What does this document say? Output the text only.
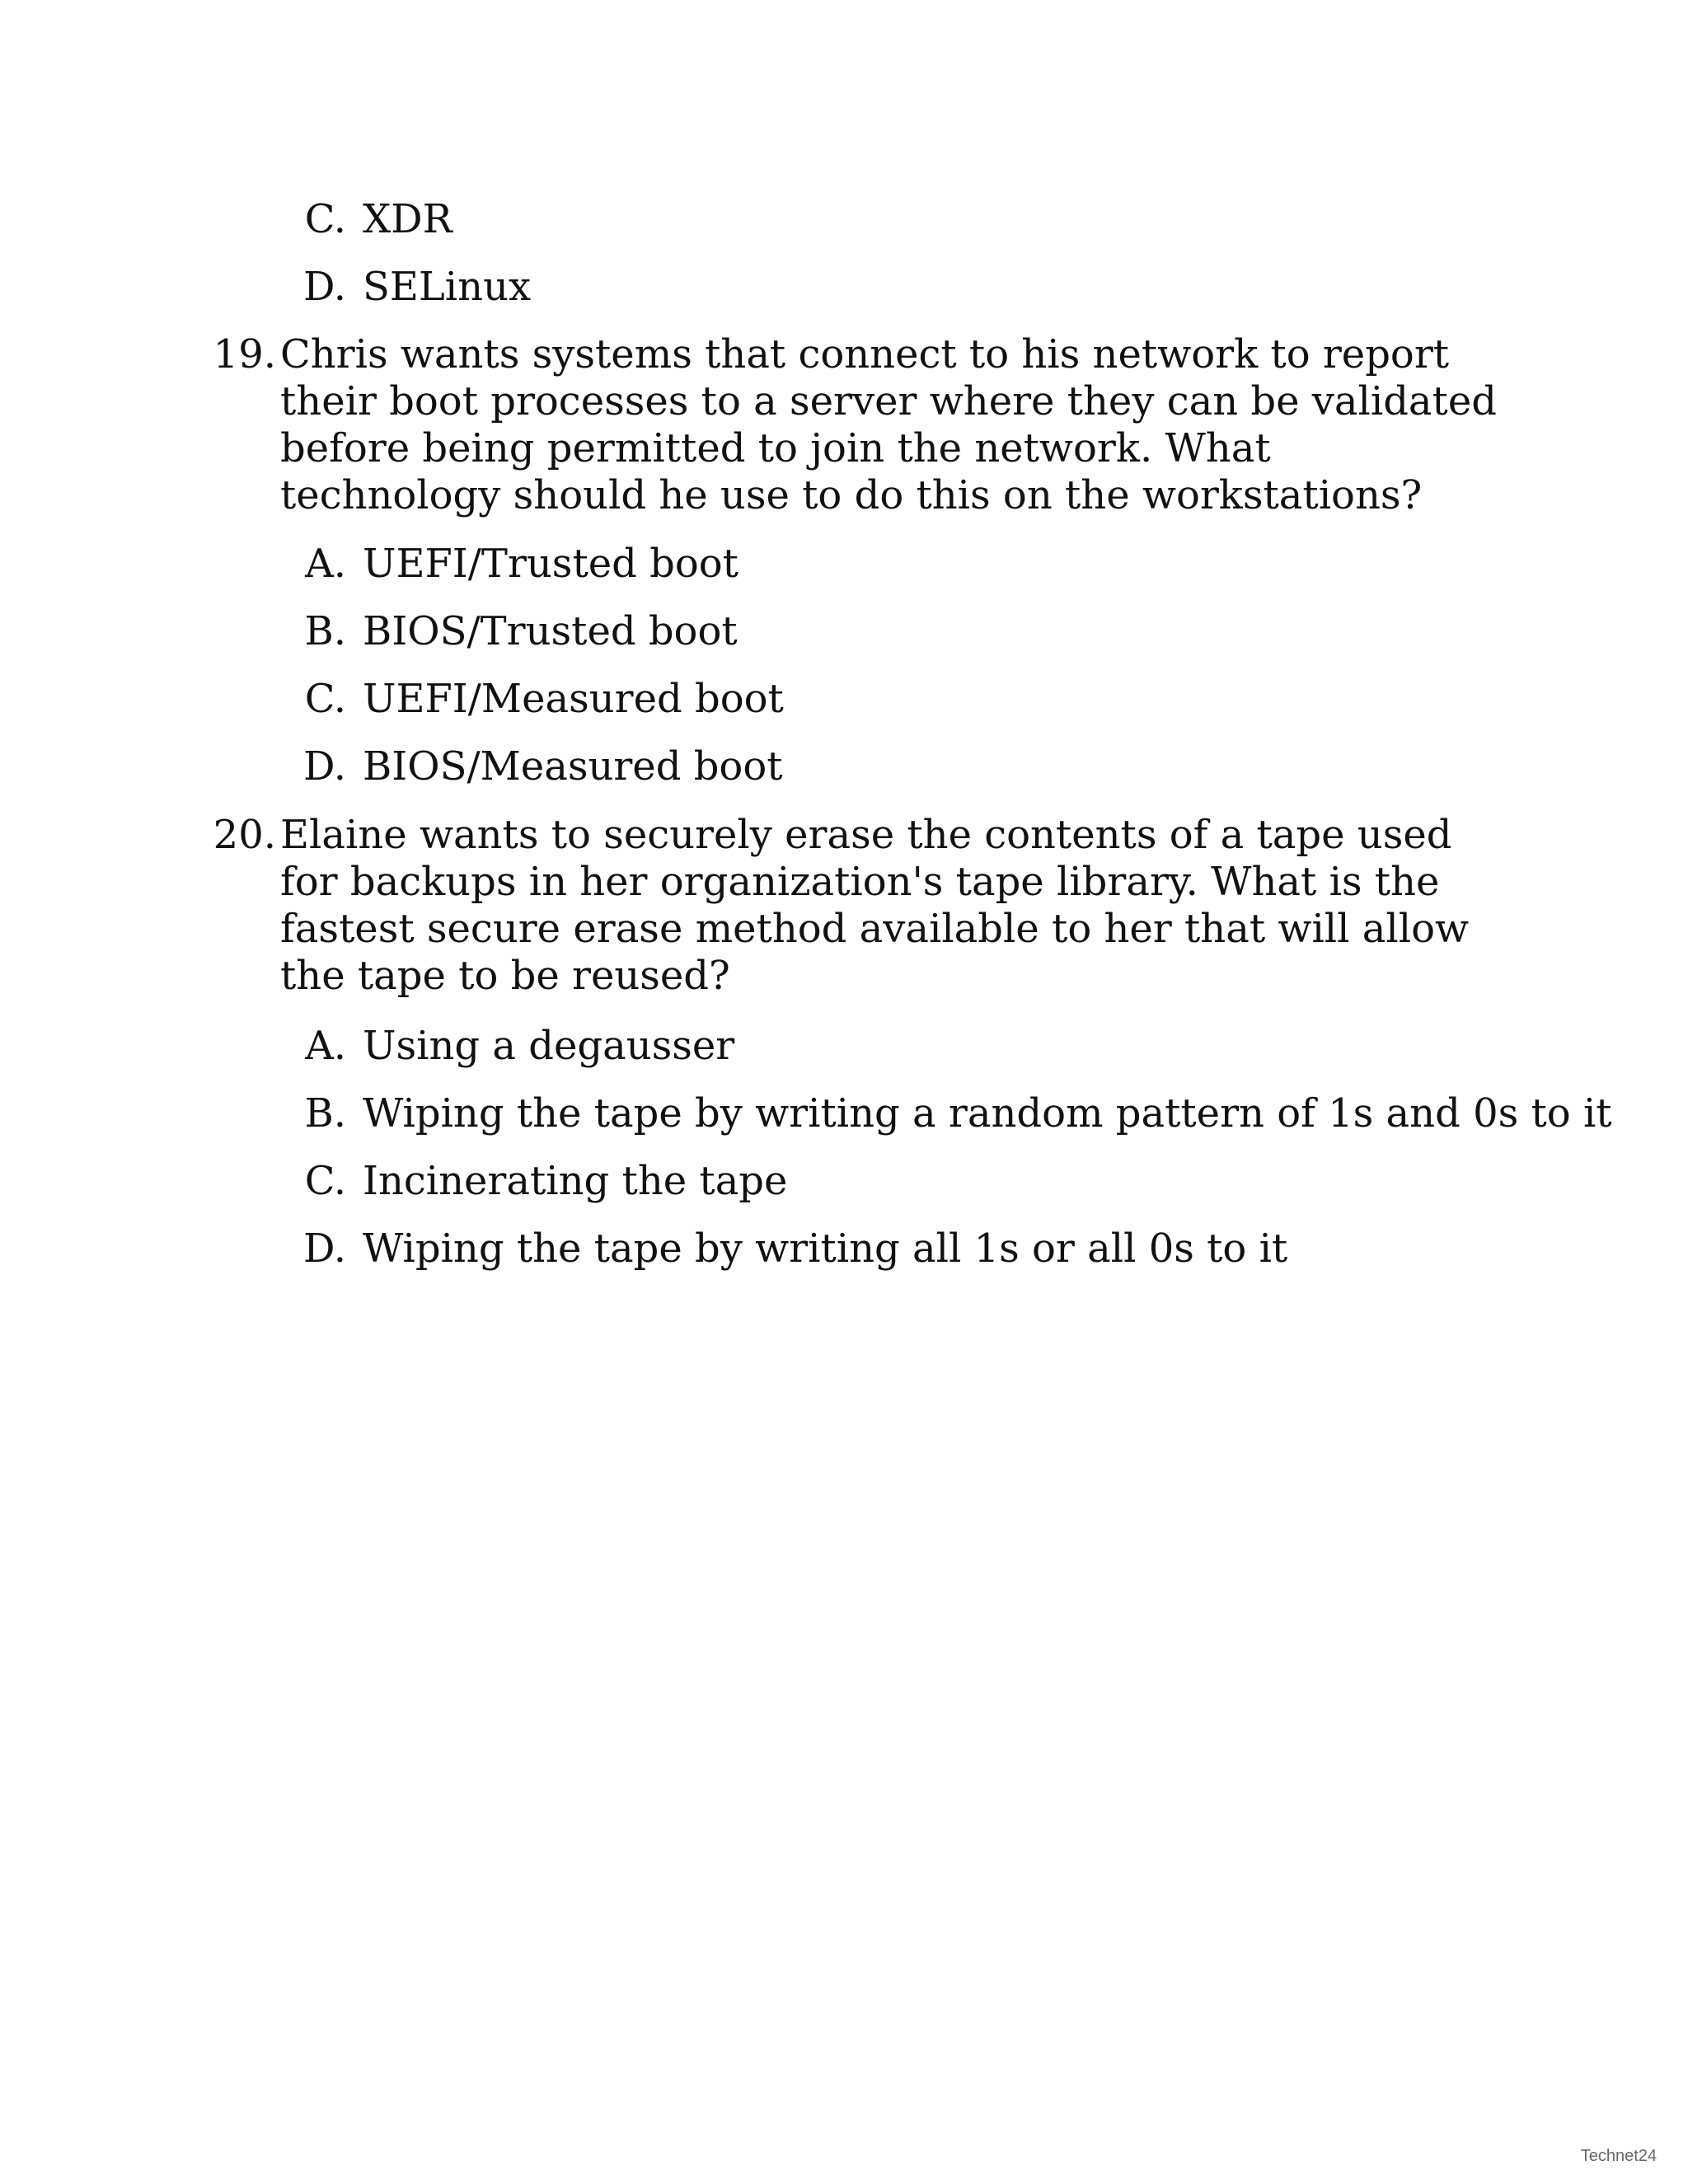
C. XDR
D. SELinux
19. Chris wants systems that connect to his network to report their boot processes to a server where they can be validated before being permitted to join the network. What technology should he use to do this on the workstations?
A. UEFI/Trusted boot
B. BIOS/Trusted boot
C. UEFI/Measured boot
D. BIOS/Measured boot
20. Elaine wants to securely erase the contents of a tape used for backups in her organization's tape library. What is the fastest secure erase method available to her that will allow the tape to be reused?
A. Using a degausser
B. Wiping the tape by writing a random pattern of 1s and 0s to it
C. Incinerating the tape
D. Wiping the tape by writing all 1s or all 0s to it
Technet24
